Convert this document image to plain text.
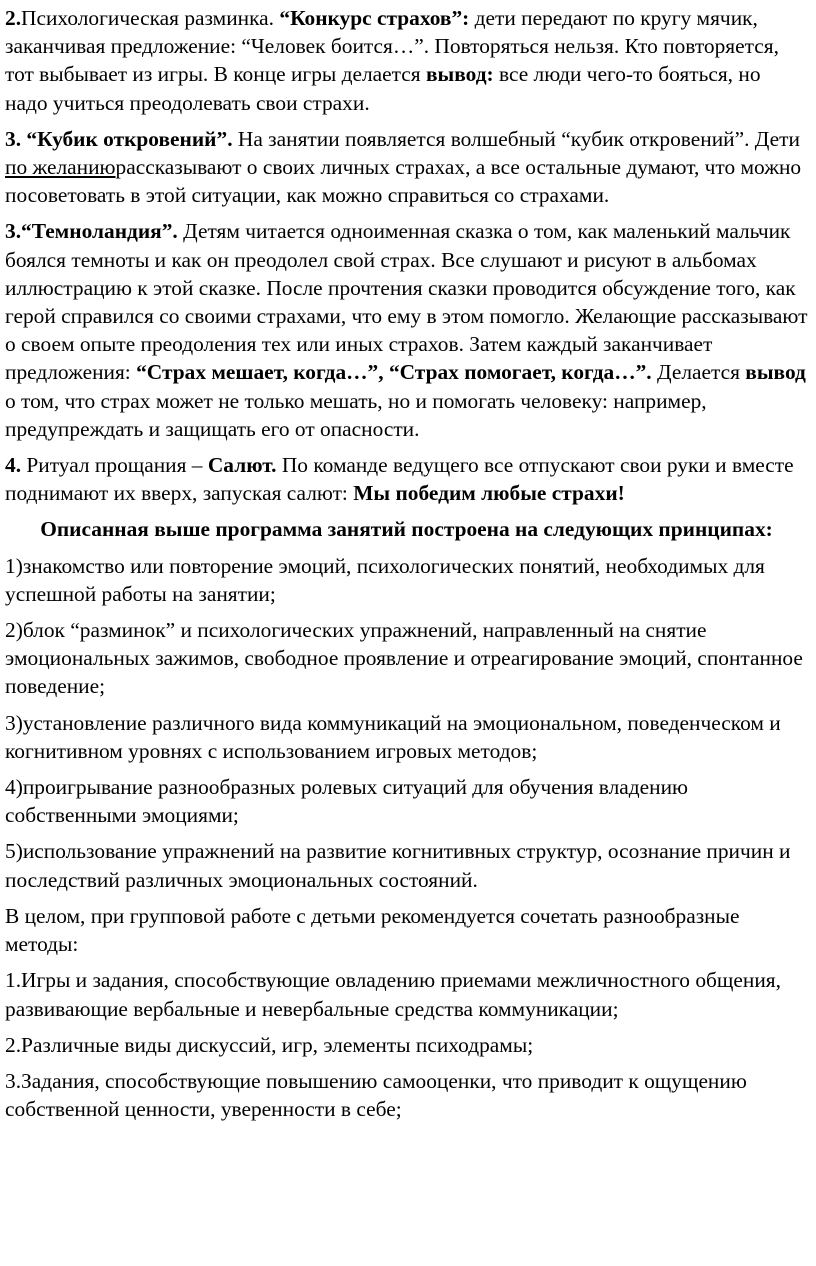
2.Психологическая разминка. “Конкурс страхов”: дети передают по кругу мячик, заканчивая предложение: “Человек боится…”. Повторяться нельзя. Кто повторяется, тот выбывает из игры. В конце игры делается вывод: все люди чего-то бояться, но надо учиться преодолевать свои страхи.

3. “Кубик откровений”. На занятии появляется волшебный “кубик откровений”. Дети по желаниюрассказывают о своих личных страхах, а все остальные думают, что можно посоветовать в этой ситуации, как можно справиться со страхами.

3.“Темноландия”. Детям читается одноименная сказка о том, как маленький мальчик боялся темноты и как он преодолел свой страх. Все слушают и рисуют в альбомах иллюстрацию к этой сказке. После прочтения сказки проводится обсуждение того, как герой справился со своими страхами, что ему в этом помогло. Желающие рассказывают о своем опыте преодоления тех или иных страхов. Затем каждый заканчивает предложения: “Страх мешает, когда…”, “Страх помогает, когда…”. Делается вывод о том, что страх может не только мешать, но и помогать человеку: например, предупреждать и защищать его от опасности.

4. Ритуал прощания – Салют. По команде ведущего все отпускают свои руки и вместе поднимают их вверх, запуская салют: Мы победим любые страхи!

Описанная выше программа занятий построена на следующих принципах:

1)знакомство или повторение эмоций, психологических понятий, необходимых для успешной работы на занятии;

2)блок “разминок” и психологических упражнений, направленный на снятие эмоциональных зажимов, свободное проявление и отреагирование эмоций, спонтанное поведение;

3)установление различного вида коммуникаций на эмоциональном, поведенческом и когнитивном уровнях с использованием игровых методов;

4)проигрывание разнообразных ролевых ситуаций для обучения владению собственными эмоциями;

5)использование упражнений на развитие когнитивных структур, осознание причин и последствий различных эмоциональных состояний.

В целом, при групповой работе с детьми рекомендуется сочетать разнообразные методы:

1.Игры и задания, способствующие овладению приемами межличностного общения, развивающие вербальные и невербальные средства коммуникации;

2.Различные виды дискуссий, игр, элементы психодрамы;

3.Задания, способствующие повышению самооценки, что приводит к ощущению собственной ценности, уверенности в себе;
